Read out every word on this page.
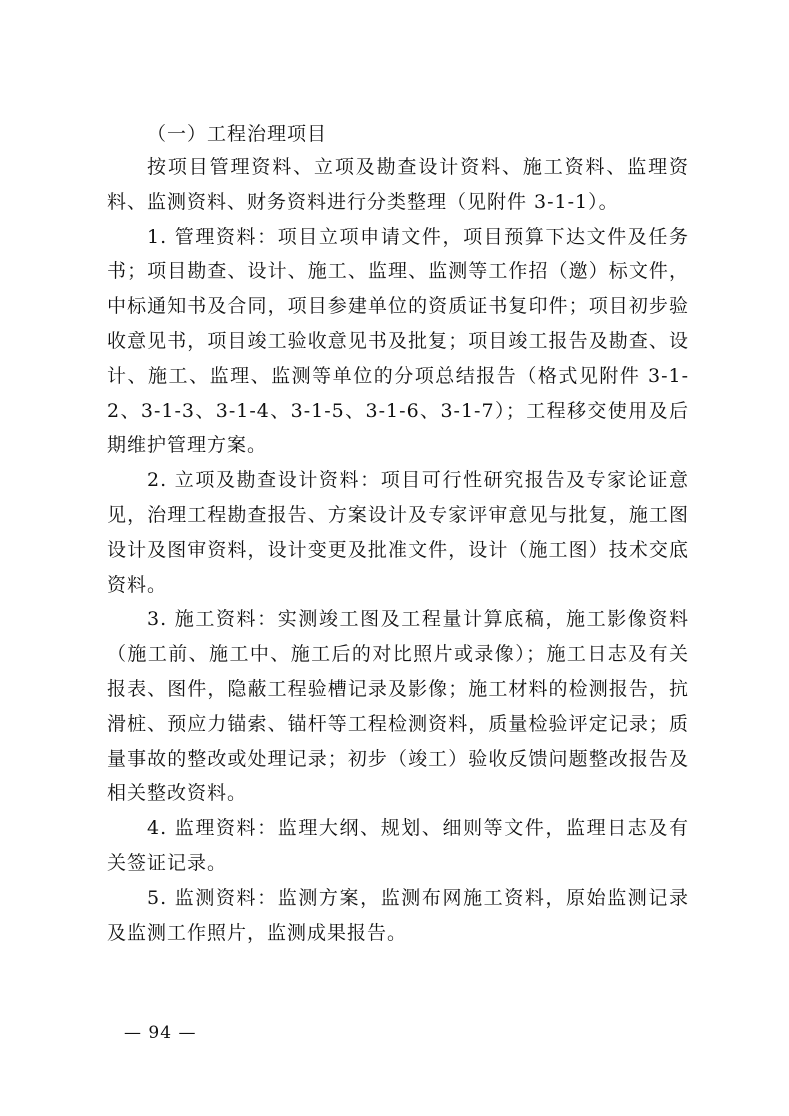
（一）工程治理项目

按项目管理资料、立项及勘查设计资料、施工资料、监理资料、监测资料、财务资料进行分类整理（见附件 3-1-1）。

1. 管理资料：项目立项申请文件，项目预算下达文件及任务书；项目勘查、设计、施工、监理、监测等工作招（邀）标文件，中标通知书及合同，项目参建单位的资质证书复印件；项目初步验收意见书，项目竣工验收意见书及批复；项目竣工报告及勘查、设计、施工、监理、监测等单位的分项总结报告（格式见附件 3-1-2、3-1-3、3-1-4、3-1-5、3-1-6、3-1-7）；工程移交使用及后期维护管理方案。

2. 立项及勘查设计资料：项目可行性研究报告及专家论证意见，治理工程勘查报告、方案设计及专家评审意见与批复，施工图设计及图审资料，设计变更及批准文件，设计（施工图）技术交底资料。

3. 施工资料：实测竣工图及工程量计算底稿，施工影像资料（施工前、施工中、施工后的对比照片或录像）；施工日志及有关报表、图件，隐蔽工程验槽记录及影像；施工材料的检测报告，抗滑桩、预应力锚索、锚杆等工程检测资料，质量检验评定记录；质量事故的整改或处理记录；初步（竣工）验收反馈问题整改报告及相关整改资料。

4. 监理资料：监理大纲、规划、细则等文件，监理日志及有关签证记录。

5. 监测资料：监测方案，监测布网施工资料，原始监测记录及监测工作照片，监测成果报告。

— 94 —
